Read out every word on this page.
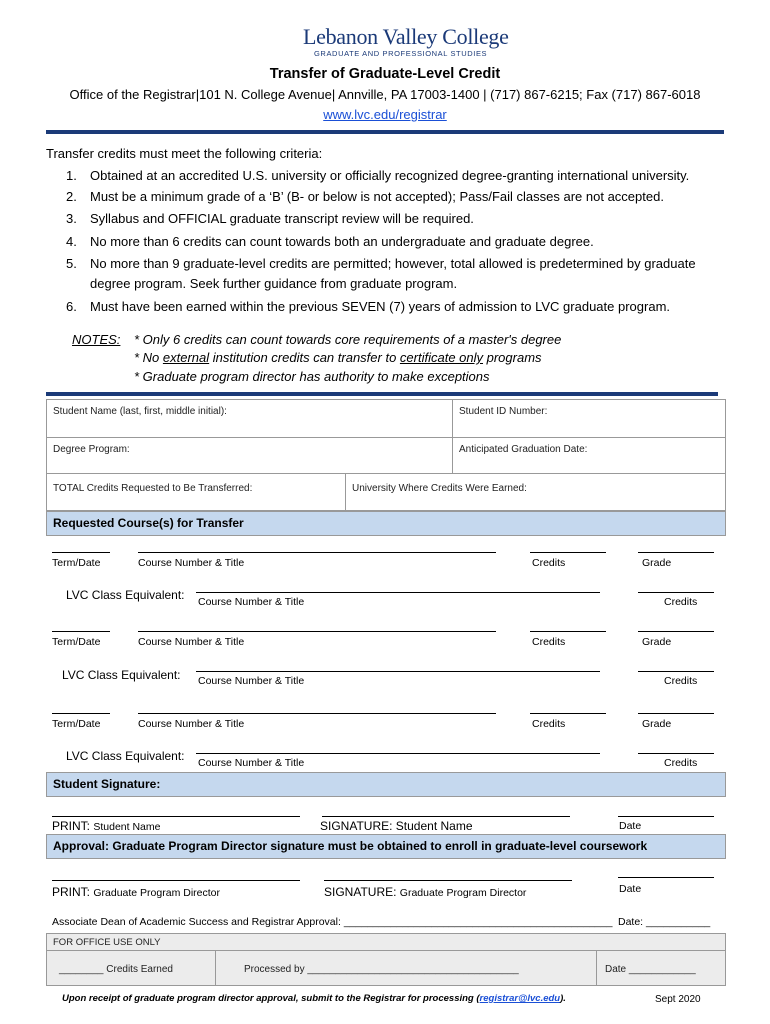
Lebanon Valley College
GRADUATE AND PROFESSIONAL STUDIES
Transfer of Graduate-Level Credit
Office of the Registrar|101 N. College Avenue| Annville, PA 17003-1400 | (717) 867-6215; Fax (717) 867-6018
www.lvc.edu/registrar
Transfer credits must meet the following criteria:
1. Obtained at an accredited U.S. university or officially recognized degree-granting international university.
2. Must be a minimum grade of a ‘B’ (B- or below is not accepted); Pass/Fail classes are not accepted.
3. Syllabus and OFFICIAL graduate transcript review will be required.
4. No more than 6 credits can count towards both an undergraduate and graduate degree.
5. No more than 9 graduate-level credits are permitted; however, total allowed is predetermined by graduate degree program. Seek further guidance from graduate program.
6. Must have been earned within the previous SEVEN (7) years of admission to LVC graduate program.
NOTES: * Only 6 credits can count towards core requirements of a master's degree
* No external institution credits can transfer to certificate only programs
* Graduate program director has authority to make exceptions
Student Name (last, first, middle initial):	Student ID Number:
Degree Program:	Anticipated Graduation Date:
TOTAL Credits Requested to Be Transferred:	University Where Credits Were Earned:
Requested Course(s) for Transfer
Term/Date	Course Number & Title	Credits	Grade
LVC Class Equivalent: Course Number & Title	Credits
Term/Date	Course Number & Title	Credits	Grade
LVC Class Equivalent: Course Number & Title	Credits
Term/Date	Course Number & Title	Credits	Grade
LVC Class Equivalent: Course Number & Title	Credits
Student Signature:
PRINT: Student Name	SIGNATURE: Student Name	Date
Approval: Graduate Program Director signature must be obtained to enroll in graduate-level coursework
PRINT: Graduate Program Director	SIGNATURE: Graduate Program Director	Date
Associate Dean of Academic Success and Registrar Approval: ______________________________________________ Date: ___________
FOR OFFICE USE ONLY
________ Credits Earned	Processed by ______________________________________	Date ____________
Upon receipt of graduate program director approval, submit to the Registrar for processing (registrar@lvc.edu).	Sept 2020
